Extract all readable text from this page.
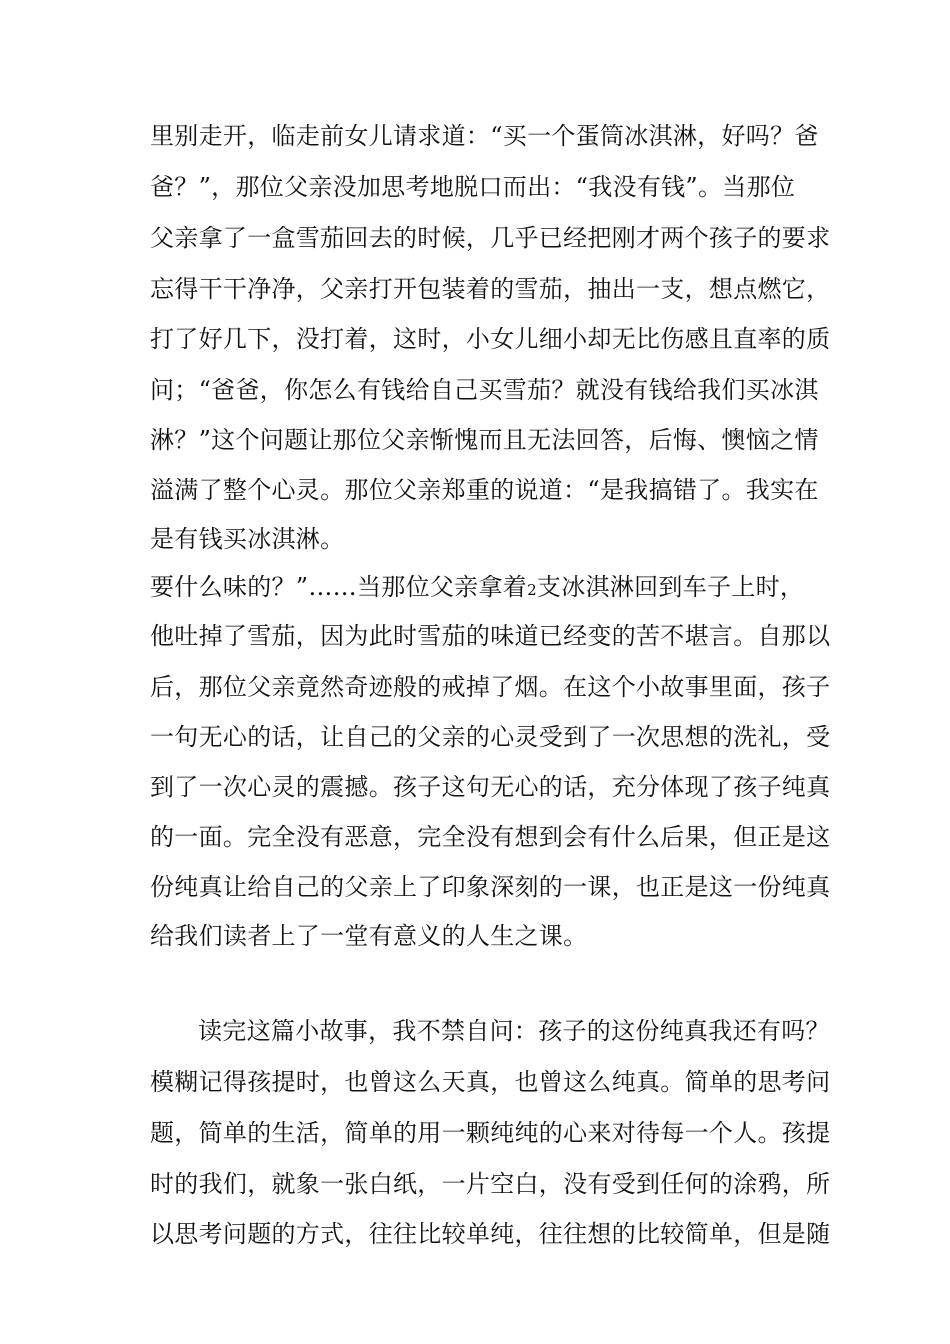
里别走开，临走前女儿请求道：“买一个蛋筒冰淇淋，好吗？爸
爸？”，那位父亲没加思考地脱口而出：“我没有钱”。当那位
父亲拿了一盒雪茄回去的时候，几乎已经把刚才两个孩子的要求
忘得干干净净，父亲打开包装着的雪茄，抽出一支，想点燃它，
打了好几下，没打着，这时，小女儿细小却无比伤感且直率的质
问；“爸爸，你怎么有钱给自己买雪茄？就没有钱给我们买冰淇
淋？”这个问题让那位父亲惭愧而且无法回答，后悔、懊恼之情
溢满了整个心灵。那位父亲郑重的说道：“是我搞错了。我实在
是有钱买冰淇淋。
要什么味的？”……当那位父亲拿着2支冰淇淋回到车子上时，
他吐掉了雪茄，因为此时雪茄的味道已经变的苦不堪言。自那以
后，那位父亲竟然奇迹般的戒掉了烟。在这个小故事里面，孩子
一句无心的话，让自己的父亲的心灵受到了一次思想的洗礼，受
到了一次心灵的震撼。孩子这句无心的话，充分体现了孩子纯真
的一面。完全没有恶意，完全没有想到会有什么后果，但正是这
份纯真让给自己的父亲上了印象深刻的一课，也正是这一份纯真
给我们读者上了一堂有意义的人生之课。
读完这篇小故事，我不禁自问：孩子的这份纯真我还有吗？
模糊记得孩提时，也曾这么天真，也曾这么纯真。简单的思考问
题，简单的生活，简单的用一颗纯纯的心来对待每一个人。孩提
时的我们，就象一张白纸，一片空白，没有受到任何的涂鸦，所
以思考问题的方式，往往比较单纯，往往想的比较简单，但是随
